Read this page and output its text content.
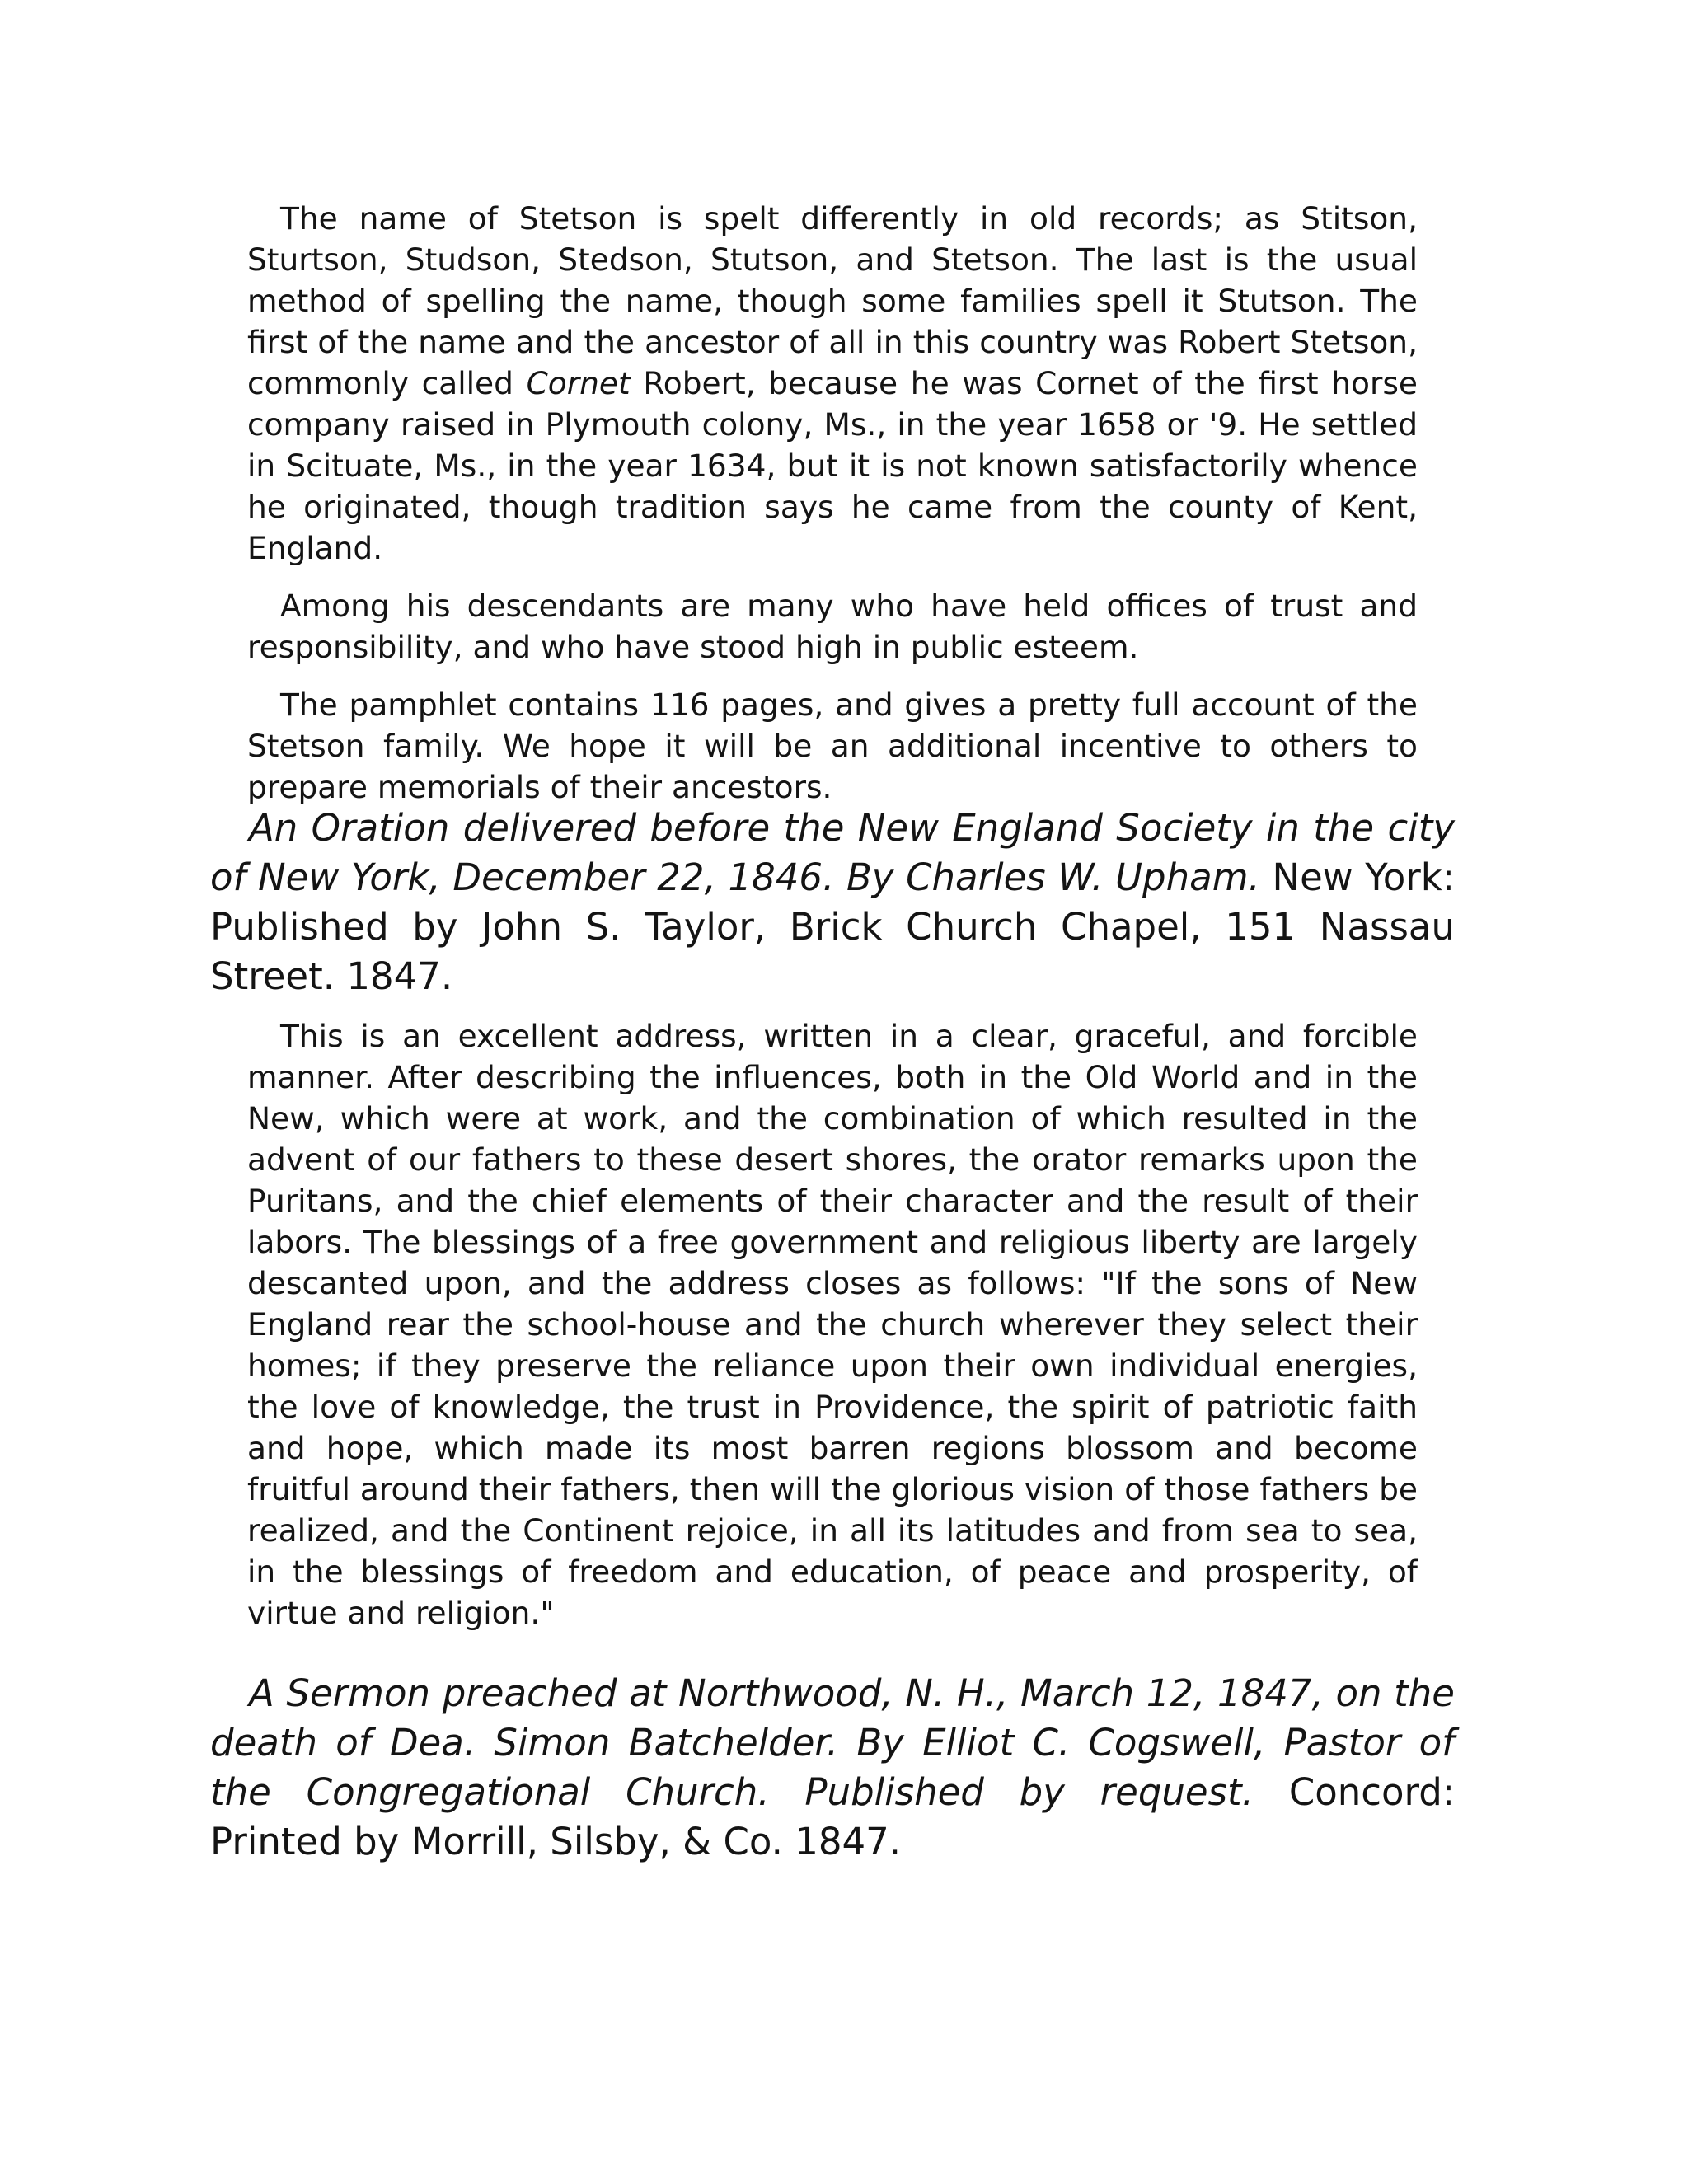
The name of Stetson is spelt differently in old records; as Stitson, Sturtson, Studson, Stedson, Stutson, and Stetson. The last is the usual method of spelling the name, though some families spell it Stutson. The first of the name and the ancestor of all in this country was Robert Stetson, commonly called Cornet Robert, because he was Cornet of the first horse company raised in Plymouth colony, Ms., in the year 1658 or '9. He settled in Scituate, Ms., in the year 1634, but it is not known satisfactorily whence he originated, though tradition says he came from the county of Kent, England.

Among his descendants are many who have held offices of trust and responsibility, and who have stood high in public esteem.

The pamphlet contains 116 pages, and gives a pretty full account of the Stetson family. We hope it will be an additional incentive to others to prepare memorials of their ancestors.

An Oration delivered before the New England Society in the city of New York, December 22, 1846. By Charles W. Upham. New York: Published by John S. Taylor, Brick Church Chapel, 151 Nassau Street. 1847.

This is an excellent address, written in a clear, graceful, and forcible manner. After describing the influences, both in the Old World and in the New, which were at work, and the combination of which resulted in the advent of our fathers to these desert shores, the orator remarks upon the Puritans, and the chief elements of their character and the result of their labors. The blessings of a free government and religious liberty are largely descanted upon, and the address closes as follows: "If the sons of New England rear the school-house and the church wherever they select their homes; if they preserve the reliance upon their own individual energies, the love of knowledge, the trust in Providence, the spirit of patriotic faith and hope, which made its most barren regions blossom and become fruitful around their fathers, then will the glorious vision of those fathers be realized, and the Continent rejoice, in all its latitudes and from sea to sea, in the blessings of freedom and education, of peace and prosperity, of virtue and religion."

A Sermon preached at Northwood, N. H., March 12, 1847, on the death of Dea. Simon Batchelder. By Elliot C. Cogswell, Pastor of the Congregational Church. Published by request. Concord: Printed by Morrill, Silsby, & Co. 1847.
